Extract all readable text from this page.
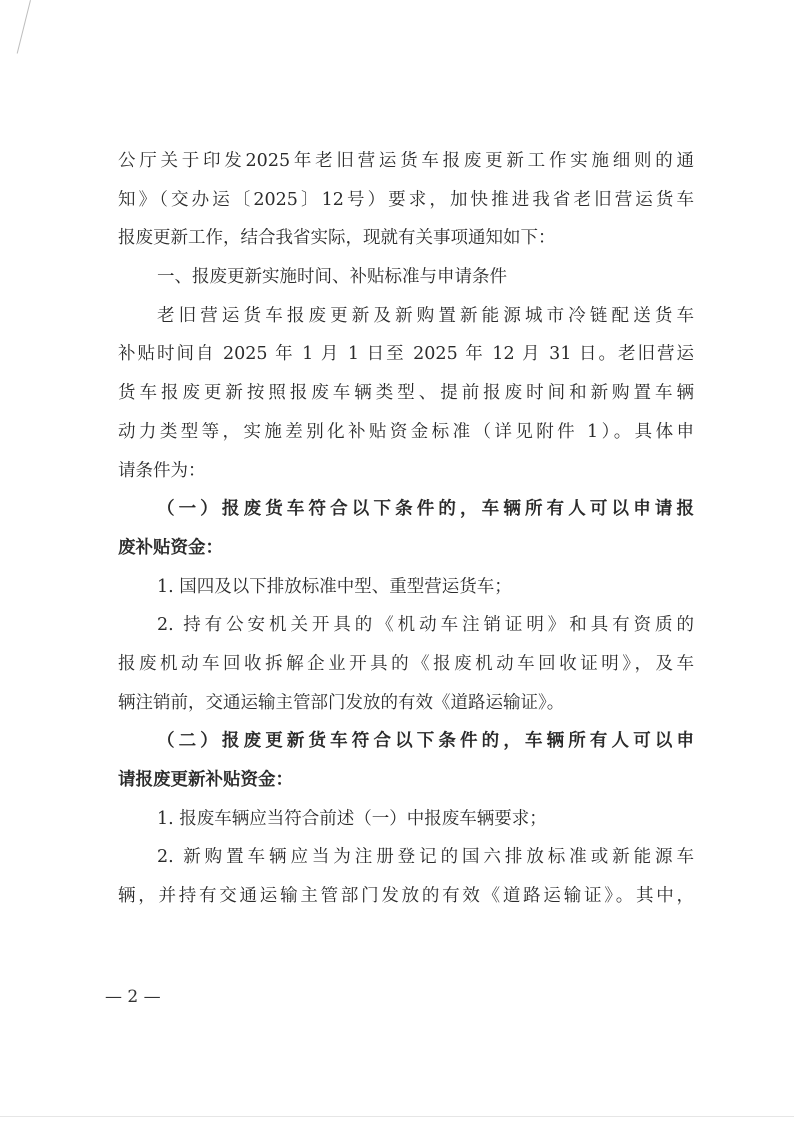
公厅关于印发2025年老旧营运货车报废更新工作实施细则的通
知》（交办运〔2025〕12号）要求，加快推进我省老旧营运货车
报废更新工作，结合我省实际，现就有关事项通知如下：
一、报废更新实施时间、补贴标准与申请条件
老旧营运货车报废更新及新购置新能源城市冷链配送货车
补贴时间自 2025 年 1 月 1 日至 2025 年 12 月 31 日。老旧营运
货车报废更新按照报废车辆类型、提前报废时间和新购置车辆
动力类型等，实施差别化补贴资金标准（详见附件 1）。具体申
请条件为：
（一）报废货车符合以下条件的，车辆所有人可以申请报
废补贴资金：
1. 国四及以下排放标准中型、重型营运货车；
2. 持有公安机关开具的《机动车注销证明》和具有资质的
报废机动车回收拆解企业开具的《报废机动车回收证明》，及车
辆注销前，交通运输主管部门发放的有效《道路运输证》。
（二）报废更新货车符合以下条件的，车辆所有人可以申
请报废更新补贴资金：
1. 报废车辆应当符合前述（一）中报废车辆要求；
2. 新购置车辆应当为注册登记的国六排放标准或新能源车
辆，并持有交通运输主管部门发放的有效《道路运输证》。其中，
— 2 —
